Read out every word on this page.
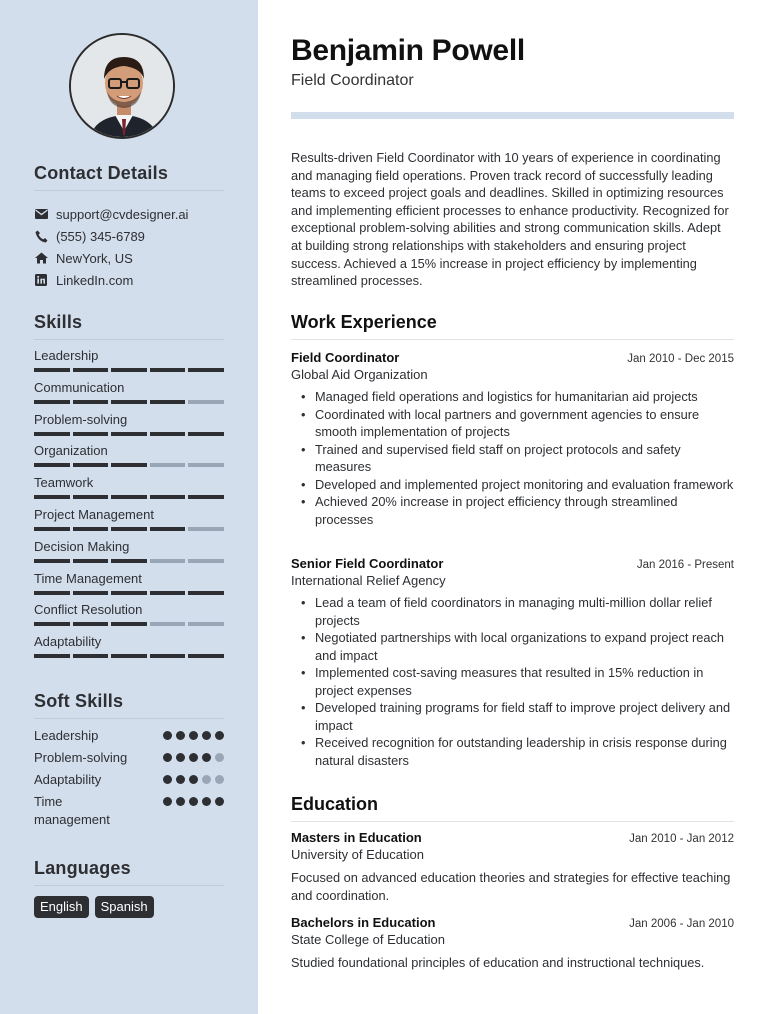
Contact Details
support@cvdesigner.ai
(555) 345-6789
NewYork, US
LinkedIn.com
Skills
Leadership
Communication
Problem-solving
Organization
Teamwork
Project Management
Decision Making
Time Management
Conflict Resolution
Adaptability
Soft Skills
Leadership
Problem-solving
Adaptability
Time management
Languages
English	Spanish
Benjamin Powell
Field Coordinator

Results-driven Field Coordinator with 10 years of experience in coordinating and managing field operations. Proven track record of successfully leading teams to exceed project goals and deadlines. Skilled in optimizing resources and implementing efficient processes to enhance productivity. Recognized for exceptional problem-solving abilities and strong communication skills. Adept at building strong relationships with stakeholders and ensuring project success. Achieved a 15% increase in project efficiency by implementing streamlined processes.

Work Experience
Field Coordinator	Jan 2010 - Dec 2015
Global Aid Organization
• Managed field operations and logistics for humanitarian aid projects
• Coordinated with local partners and government agencies to ensure smooth implementation of projects
• Trained and supervised field staff on project protocols and safety measures
• Developed and implemented project monitoring and evaluation framework
• Achieved 20% increase in project efficiency through streamlined processes
Senior Field Coordinator	Jan 2016 - Present
International Relief Agency
• Lead a team of field coordinators in managing multi-million dollar relief projects
• Negotiated partnerships with local organizations to expand project reach and impact
• Implemented cost-saving measures that resulted in 15% reduction in project expenses
• Developed training programs for field staff to improve project delivery and impact
• Received recognition for outstanding leadership in crisis response during natural disasters
Education
Masters in Education	Jan 2010 - Jan 2012
University of Education
Focused on advanced education theories and strategies for effective teaching and coordination.
Bachelors in Education	Jan 2006 - Jan 2010
State College of Education
Studied foundational principles of education and instructional techniques.
